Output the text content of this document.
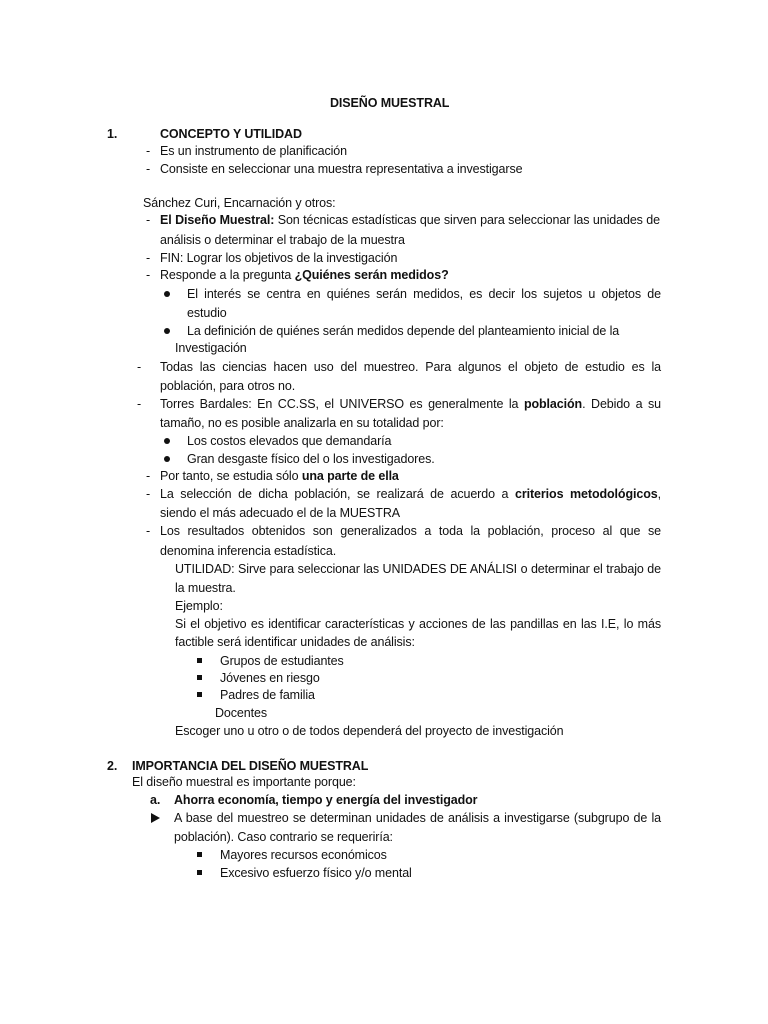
DISEÑO MUESTRAL
1.	CONCEPTO Y UTILIDAD
- Es un instrumento de planificación
- Consiste en seleccionar una muestra representativa a investigarse
Sánchez Curi, Encarnación y otros:
- El Diseño Muestral: Son técnicas estadísticas que sirven para seleccionar las unidades de
análisis o determinar el trabajo de la muestra
- FIN: Lograr los objetivos de la investigación
- Responde a la pregunta ¿Quiénes serán medidos?
El interés se centra en quiénes serán medidos, es decir los sujetos u objetos de
estudio
La definición de quiénes serán medidos depende del planteamiento inicial de la
Investigación
- Todas las ciencias hacen uso del muestreo. Para algunos el objeto de estudio es la
población, para otros no.
- Torres Bardales: En CC.SS, el UNIVERSO es generalmente la población. Debido a su
tamaño, no es posible analizarla en su totalidad por:
Los costos elevados que demandaría
Gran desgaste físico del o los investigadores.
- Por tanto, se estudia sólo una parte de ella
- La selección de dicha población, se realizará de acuerdo a criterios metodológicos,
siendo el más adecuado el de la MUESTRA
- Los resultados obtenidos son generalizados a toda la población, proceso al que se
denomina inferencia estadística.
UTILIDAD: Sirve para seleccionar las UNIDADES DE ANÁLISI o determinar el trabajo de
la muestra.
Ejemplo:
Si el objetivo es identificar características y acciones de las pandillas en las I.E, lo más
factible será identificar unidades de análisis:
Grupos de estudiantes
Jóvenes en riesgo
Padres de familia
Docentes
Escoger uno u otro o de todos dependerá del proyecto de investigación
2. IMPORTANCIA DEL DISEÑO MUESTRAL
El diseño muestral es importante porque:
a. Ahorra economía, tiempo y energía del investigador
A base del muestreo se determinan unidades de análisis a investigarse (subgrupo de la
población). Caso contrario se requeriría:
Mayores recursos económicos
Excesivo esfuerzo físico y/o mental
